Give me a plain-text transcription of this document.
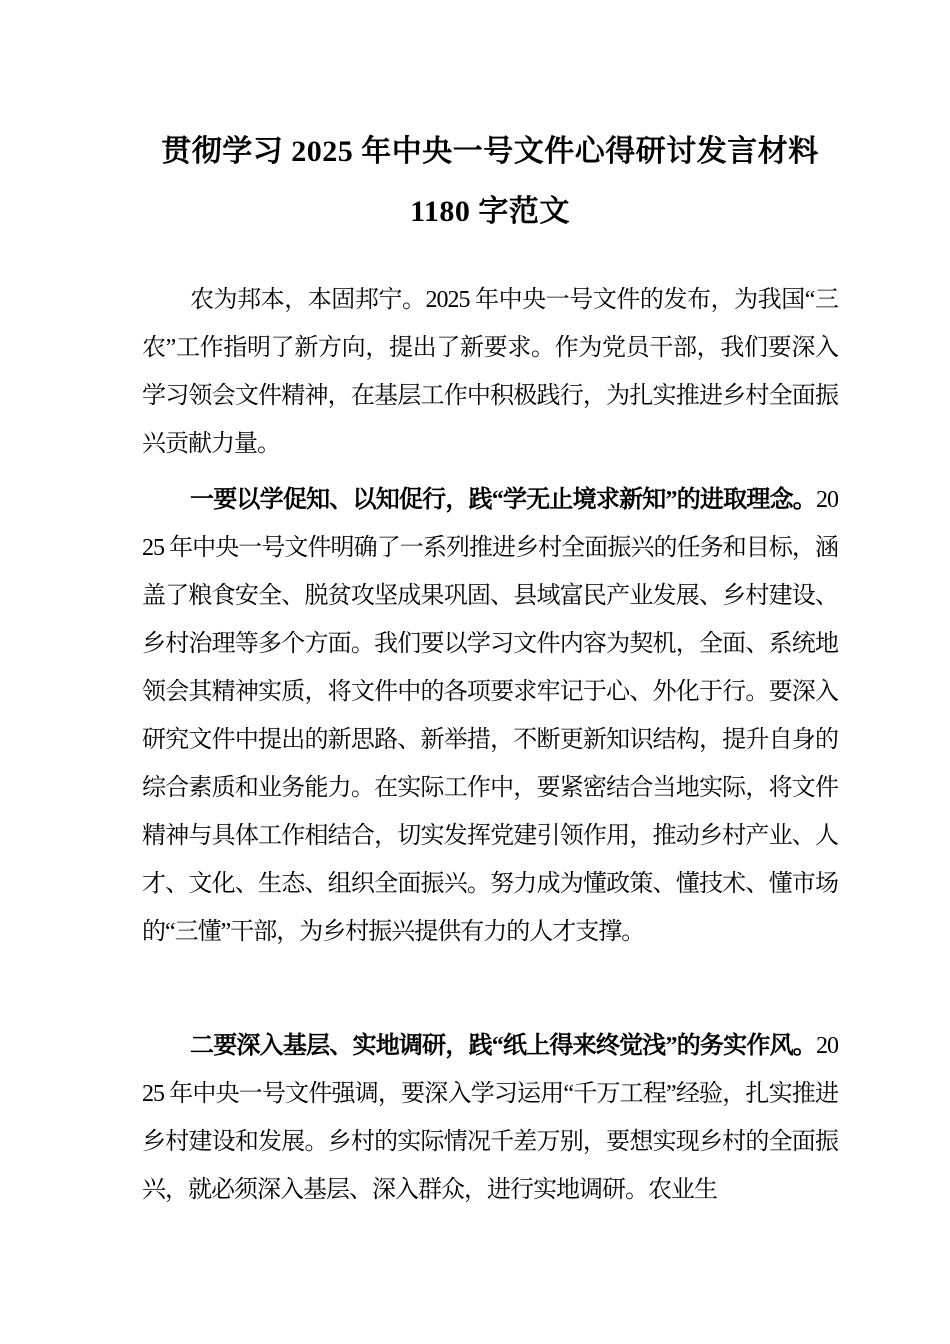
贯彻学习 2025 年中央一号文件心得研讨发言材料
1180 字范文

农为邦本，本固邦宁。2025 年中央一号文件的发布，为我国“三农”工作指明了新方向，提出了新要求。作为党员干部，我们要深入学习领会文件精神，在基层工作中积极践行，为扎实推进乡村全面振兴贡献力量。

一要以学促知、以知促行，践“学无止境求新知”的进取理念。2025 年中央一号文件明确了一系列推进乡村全面振兴的任务和目标，涵盖了粮食安全、脱贫攻坚成果巩固、县域富民产业发展、乡村建设、乡村治理等多个方面。我们要以学习文件内容为契机，全面、系统地领会其精神实质，将文件中的各项要求牢记于心、外化于行。要深入研究文件中提出的新思路、新举措，不断更新知识结构，提升自身的综合素质和业务能力。在实际工作中，要紧密结合当地实际，将文件精神与具体工作相结合，切实发挥党建引领作用，推动乡村产业、人才、文化、生态、组织全面振兴。努力成为懂政策、懂技术、懂市场的“三懂”干部，为乡村振兴提供有力的人才支撑。

二要深入基层、实地调研，践“纸上得来终觉浅”的务实作风。2025 年中央一号文件强调，要深入学习运用“千万工程”经验，扎实推进乡村建设和发展。乡村的实际情况千差万别，要想实现乡村的全面振兴，就必须深入基层、深入群众，进行实地调研。农业生
